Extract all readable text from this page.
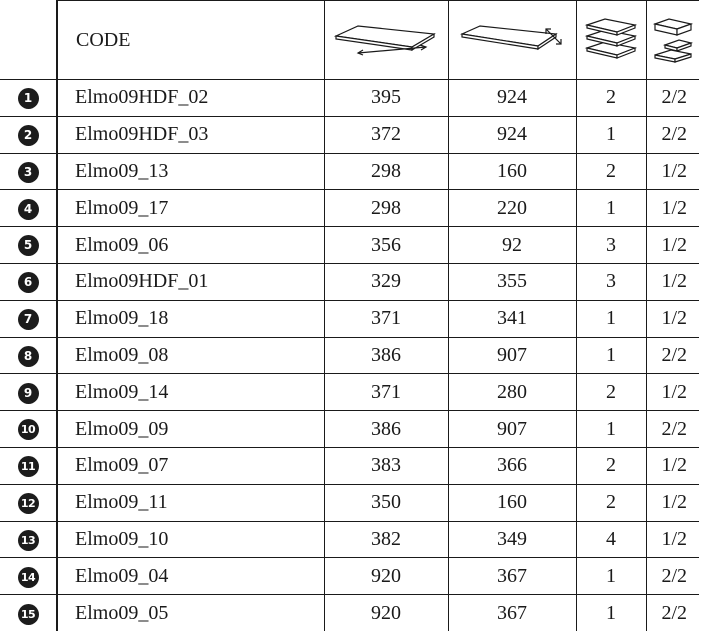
	CODE				
1	Elmo09HDF_02	395	924	2	2/2
2	Elmo09HDF_03	372	924	1	2/2
3	Elmo09_13	298	160	2	1/2
4	Elmo09_17	298	220	1	1/2
5	Elmo09_06	356	92	3	1/2
6	Elmo09HDF_01	329	355	3	1/2
7	Elmo09_18	371	341	1	1/2
8	Elmo09_08	386	907	1	2/2
9	Elmo09_14	371	280	2	1/2
10	Elmo09_09	386	907	1	2/2
11	Elmo09_07	383	366	2	1/2
12	Elmo09_11	350	160	2	1/2
13	Elmo09_10	382	349	4	1/2
14	Elmo09_04	920	367	1	2/2
15	Elmo09_05	920	367	1	2/2
